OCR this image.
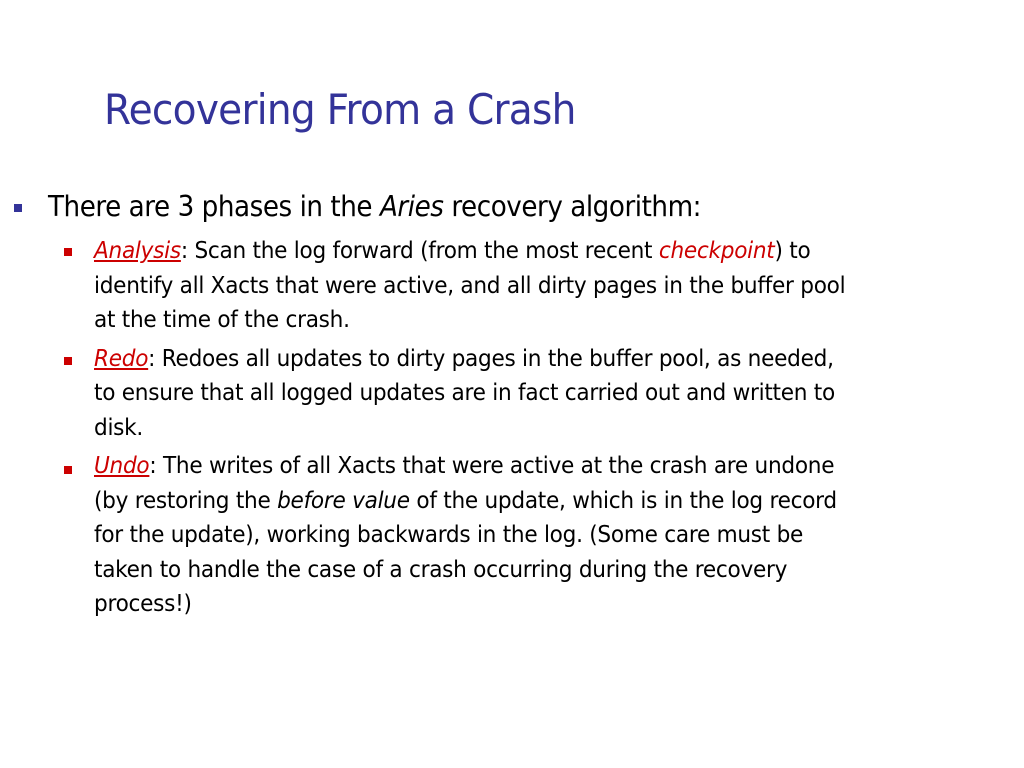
Recovering From a Crash
There are 3 phases in the Aries recovery algorithm:
Analysis: Scan the log forward (from the most recent checkpoint) to
identify all Xacts that were active, and all dirty pages in the buffer pool
at the time of the crash.
Redo: Redoes all updates to dirty pages in the buffer pool, as needed,
to ensure that all logged updates are in fact carried out and written to
disk.
Undo: The writes of all Xacts that were active at the crash are undone
(by restoring the before value of the update, which is in the log record
for the update), working backwards in the log. (Some care must be
taken to handle the case of a crash occurring during the recovery
process!)
